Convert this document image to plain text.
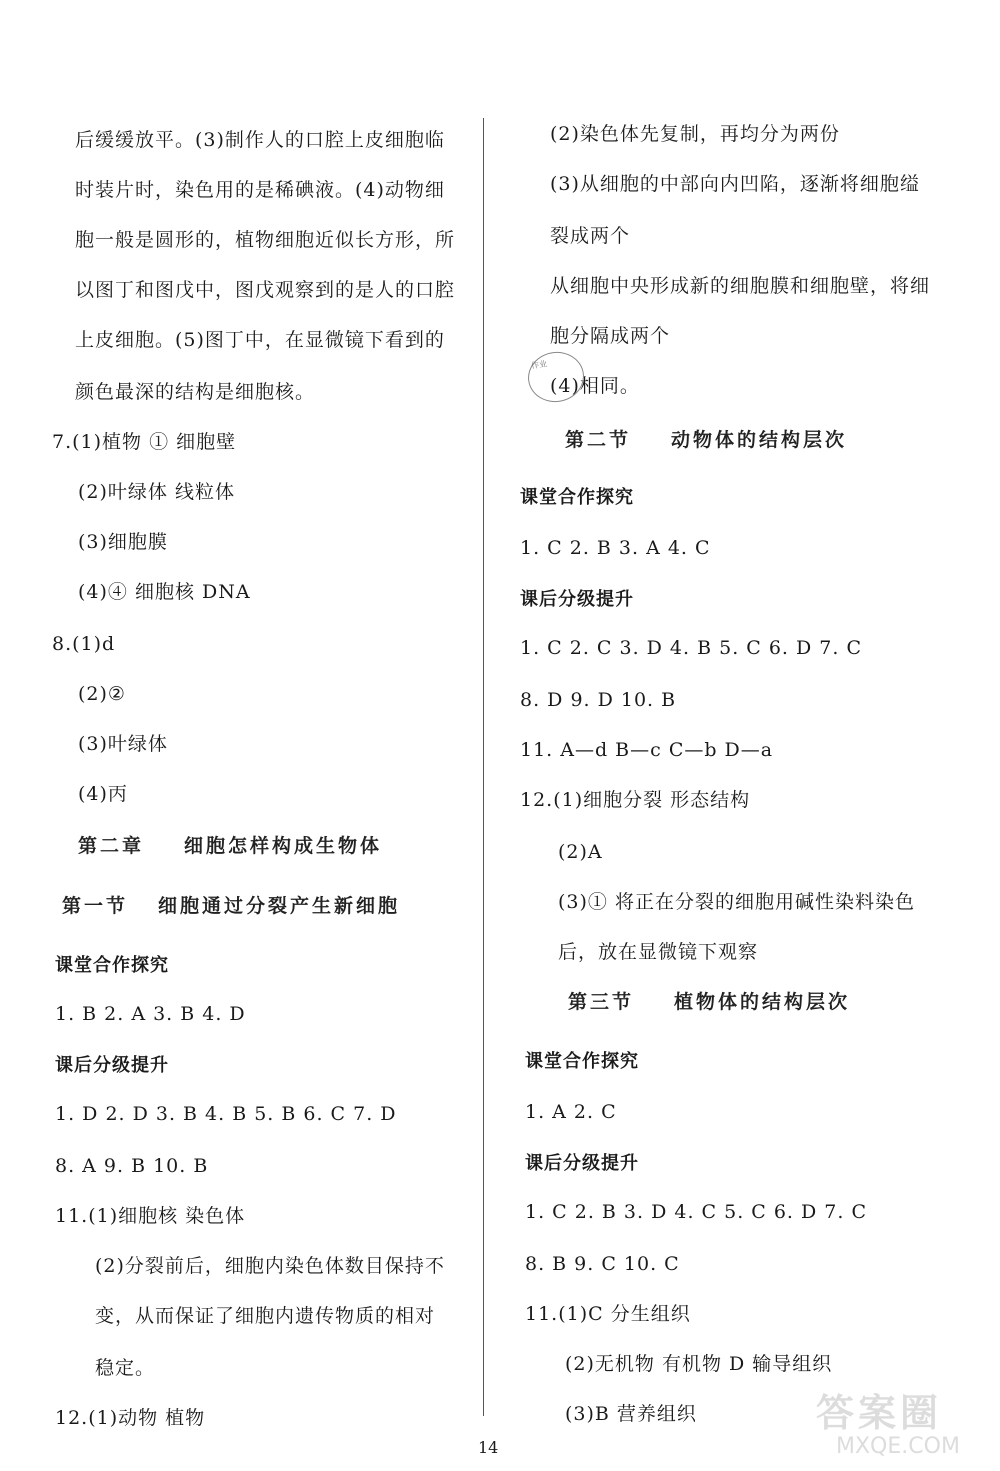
后缓缓放平。(3)制作人的口腔上皮细胞临
时装片时，染色用的是稀碘液。(4)动物细
胞一般是圆形的，植物细胞近似长方形，所
以图丁和图戊中，图戊观察到的是人的口腔
上皮细胞。(5)图丁中，在显微镜下看到的
颜色最深的结构是细胞核。
7.(1)植物 ① 细胞壁
(2)叶绿体 线粒体
(3)细胞膜
(4)④ 细胞核 DNA
8.(1)d
(2)②
(3)叶绿体
(4)丙
第二章 细胞怎样构成生物体
第一节 细胞通过分裂产生新细胞
课堂合作探究
1. B 2. A 3. B 4. D
课后分级提升
1. D 2. D 3. B 4. B 5. B 6. C 7. D
8. A 9. B 10. B
11.(1)细胞核 染色体
(2)分裂前后，细胞内染色体数目保持不
变，从而保证了细胞内遗传物质的相对
稳定。
12.(1)动物 植物
(2)染色体先复制，再均分为两份
(3)从细胞的中部向内凹陷，逐渐将细胞缢
裂成两个
从细胞中央形成新的细胞膜和细胞壁，将细
胞分隔成两个
(4)相同。
第二节 动物体的结构层次
课堂合作探究
1. C 2. B 3. A 4. C
课后分级提升
1. C 2. C 3. D 4. B 5. C 6. D 7. C
8. D 9. D 10. B
11. A—d B—c C—b D—a
12.(1)细胞分裂 形态结构
(2)A
(3)① 将正在分裂的细胞用碱性染料染色
后，放在显微镜下观察
第三节 植物体的结构层次
课堂合作探究
1. A 2. C
课后分级提升
1. C 2. B 3. D 4. C 5. C 6. D 7. C
8. B 9. C 10. C
11.(1)C 分生组织
(2)无机物 有机物 D 输导组织
(3)B 营养组织
作业
14
答案圈
MXQE.COM
